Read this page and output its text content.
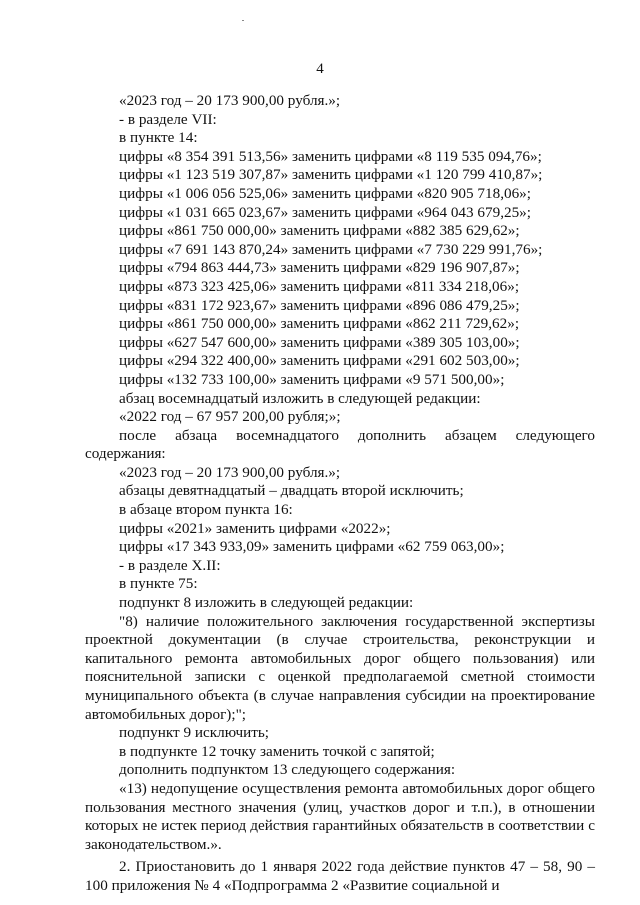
4
«2023 год – 20 173 900,00 рубля.»;
- в разделе VII:
в пункте 14:
цифры «8 354 391 513,56» заменить цифрами «8 119 535 094,76»;
цифры «1 123 519 307,87» заменить цифрами «1 120 799 410,87»;
цифры «1 006 056 525,06» заменить цифрами «820 905 718,06»;
цифры «1 031 665 023,67» заменить цифрами «964 043 679,25»;
цифры «861 750 000,00» заменить цифрами «882 385 629,62»;
цифры «7 691 143 870,24» заменить цифрами «7 730 229 991,76»;
цифры «794 863 444,73» заменить цифрами «829 196 907,87»;
цифры «873 323 425,06» заменить цифрами «811 334 218,06»;
цифры «831 172 923,67» заменить цифрами «896 086 479,25»;
цифры «861 750 000,00» заменить цифрами «862 211 729,62»;
цифры «627 547 600,00» заменить цифрами «389 305 103,00»;
цифры «294 322 400,00» заменить цифрами «291 602 503,00»;
цифры «132 733 100,00» заменить цифрами «9 571 500,00»;
абзац восемнадцатый изложить в следующей редакции:
«2022 год – 67 957 200,00 рубля;»;
после абзаца восемнадцатого дополнить абзацем следующего содержания:
«2023 год – 20 173 900,00 рубля.»;
абзацы девятнадцатый – двадцать второй исключить;
в абзаце втором пункта 16:
цифры «2021» заменить цифрами «2022»;
цифры «17 343 933,09» заменить цифрами «62 759 063,00»;
- в разделе X.II:
в пункте 75:
подпункт 8 изложить в следующей редакции:
"8) наличие положительного заключения государственной экспертизы проектной документации (в случае строительства, реконструкции и капитального ремонта автомобильных дорог общего пользования) или пояснительной записки с оценкой предполагаемой сметной стоимости муниципального объекта (в случае направления субсидии на проектирование автомобильных дорог);";
подпункт 9 исключить;
в подпункте 12 точку заменить точкой с запятой;
дополнить подпунктом 13 следующего содержания:
«13) недопущение осуществления ремонта автомобильных дорог общего пользования местного значения (улиц, участков дорог и т.п.), в отношении которых не истек период действия гарантийных обязательств в соответствии с законодательством.».
2. Приостановить до 1 января 2022 года действие пунктов 47 – 58, 90 – 100 приложения № 4 «Подпрограмма 2 «Развитие социальной и
